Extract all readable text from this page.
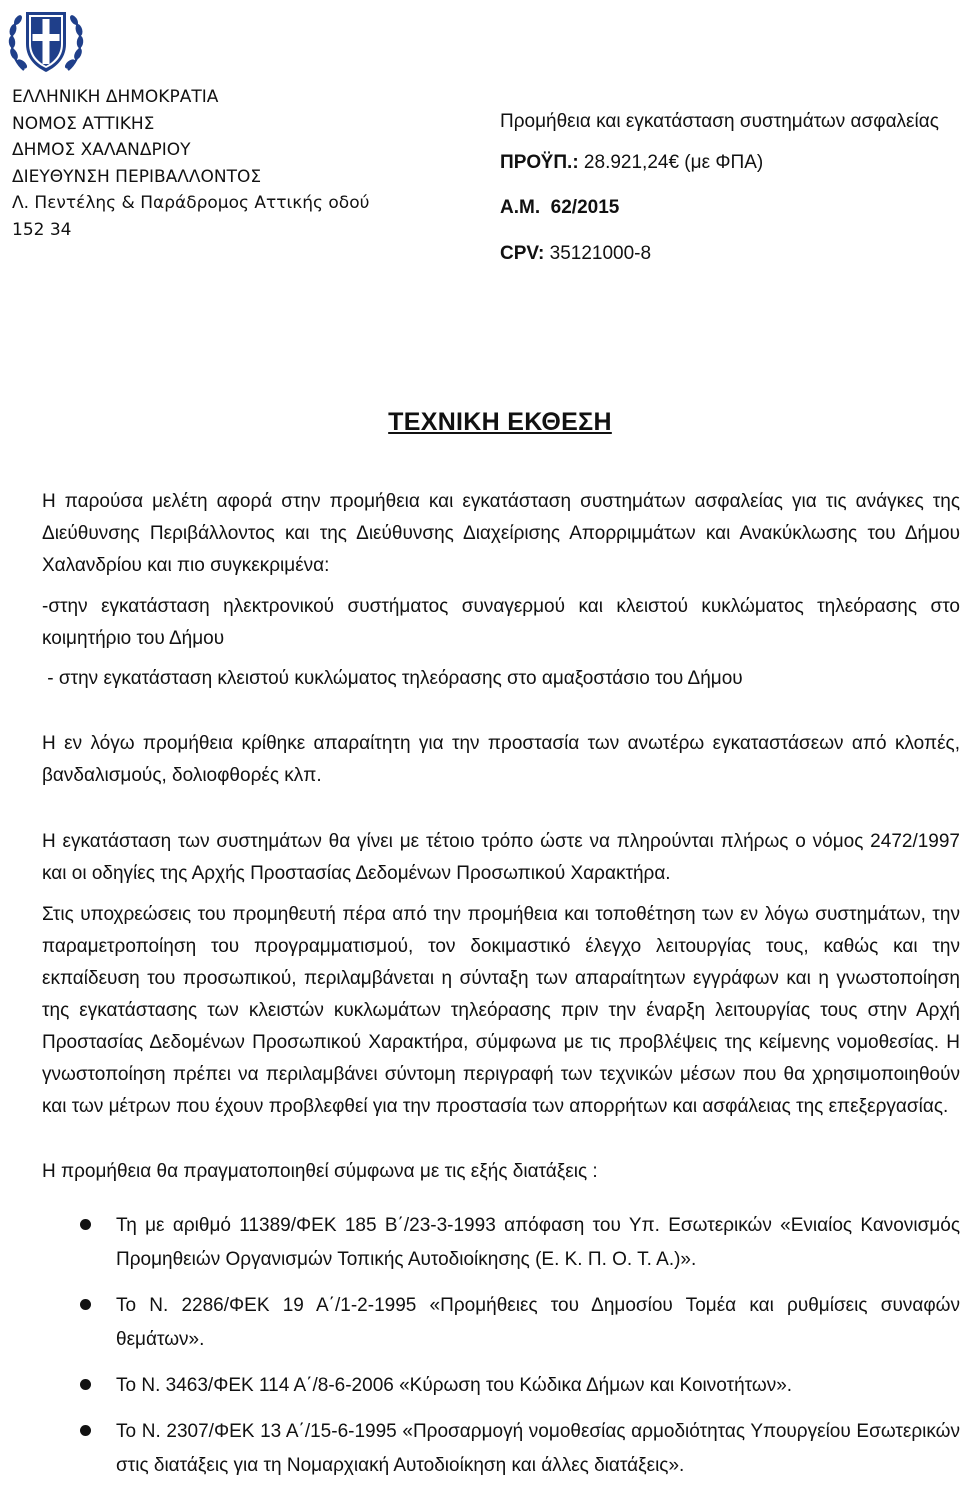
ΕΛΛΗΝΙΚΗ ΔΗΜΟΚΡΑΤΙΑ
ΝΟΜΟΣ ΑΤΤΙΚΗΣ
ΔΗΜΟΣ ΧΑΛΑΝΔΡΙΟΥ
ΔΙΕΥΘΥΝΣΗ ΠΕΡΙΒΑΛΛΟΝΤΟΣ
Λ. Πεντέλης & Παράδρομος Αττικής οδού
152 34
Προμήθεια και εγκατάσταση συστημάτων ασφαλείας
ΠΡΟΫΠ.: 28.921,24€ (με ΦΠΑ)
Α.Μ.  62/2015
CPV: 35121000-8
ΤΕΧΝΙΚΗ ΕΚΘΕΣΗ

Η παρούσα μελέτη αφορά στην προμήθεια και εγκατάσταση συστημάτων ασφαλείας για τις ανάγκες της Διεύθυνσης Περιβάλλοντος και της Διεύθυνσης Διαχείρισης Απορριμμάτων και Ανακύκλωσης του Δήμου Χαλανδρίου και πιο συγκεκριμένα:

-στην εγκατάσταση ηλεκτρονικού συστήματος συναγερμού και κλειστού κυκλώματος τηλεόρασης στο κοιμητήριο του Δήμου

- στην εγκατάσταση κλειστού κυκλώματος τηλεόρασης στο αμαξοστάσιο του Δήμου

Η εν λόγω προμήθεια κρίθηκε απαραίτητη για την προστασία των ανωτέρω εγκαταστάσεων από κλοπές, βανδαλισμούς, δολιοφθορές κλπ.

Η εγκατάσταση των συστημάτων θα γίνει με τέτοιο τρόπο ώστε να πληρούνται πλήρως ο νόμος 2472/1997 και οι οδηγίες της Αρχής Προστασίας Δεδομένων Προσωπικού Χαρακτήρα.

Στις υποχρεώσεις του προμηθευτή πέρα από την προμήθεια και τοποθέτηση των εν λόγω συστημάτων, την παραμετροποίηση του προγραμματισμού, τον δοκιμαστικό έλεγχο λειτουργίας τους, καθώς και την εκπαίδευση του προσωπικού, περιλαμβάνεται η σύνταξη των απαραίτητων εγγράφων και η γνωστοποίηση της εγκατάστασης των κλειστών κυκλωμάτων τηλεόρασης πριν την έναρξη λειτουργίας τους στην Αρχή Προστασίας Δεδομένων Προσωπικού Χαρακτήρα, σύμφωνα με τις προβλέψεις της κείμενης νομοθεσίας. Η γνωστοποίηση πρέπει να περιλαμβάνει σύντομη περιγραφή των τεχνικών μέσων που θα χρησιμοποιηθούν και των μέτρων που έχουν προβλεφθεί για την προστασία των απορρήτων και ασφάλειας της επεξεργασίας.

Η προμήθεια θα πραγματοποιηθεί σύμφωνα με τις εξής διατάξεις :

Τη με αριθμό 11389/ΦΕΚ 185 Β΄/23-3-1993 απόφαση του Υπ. Εσωτερικών «Ενιαίος Κανονισμός Προμηθειών Οργανισμών Τοπικής Αυτοδιοίκησης (Ε. Κ. Π. Ο. Τ. Α.)».
Το Ν. 2286/ΦΕΚ 19 Α΄/1-2-1995 «Προμήθειες του Δημοσίου Τομέα και ρυθμίσεις συναφών θεμάτων».
Το Ν. 3463/ΦΕΚ 114 Α΄/8-6-2006 «Κύρωση του Κώδικα Δήμων και Κοινοτήτων».
Το Ν. 2307/ΦΕΚ 13 Α΄/15-6-1995 «Προσαρμογή νομοθεσίας αρμοδιότητας Υπουργείου Εσωτερικών στις διατάξεις για τη Νομαρχιακή Αυτοδιοίκηση και άλλες διατάξεις».
